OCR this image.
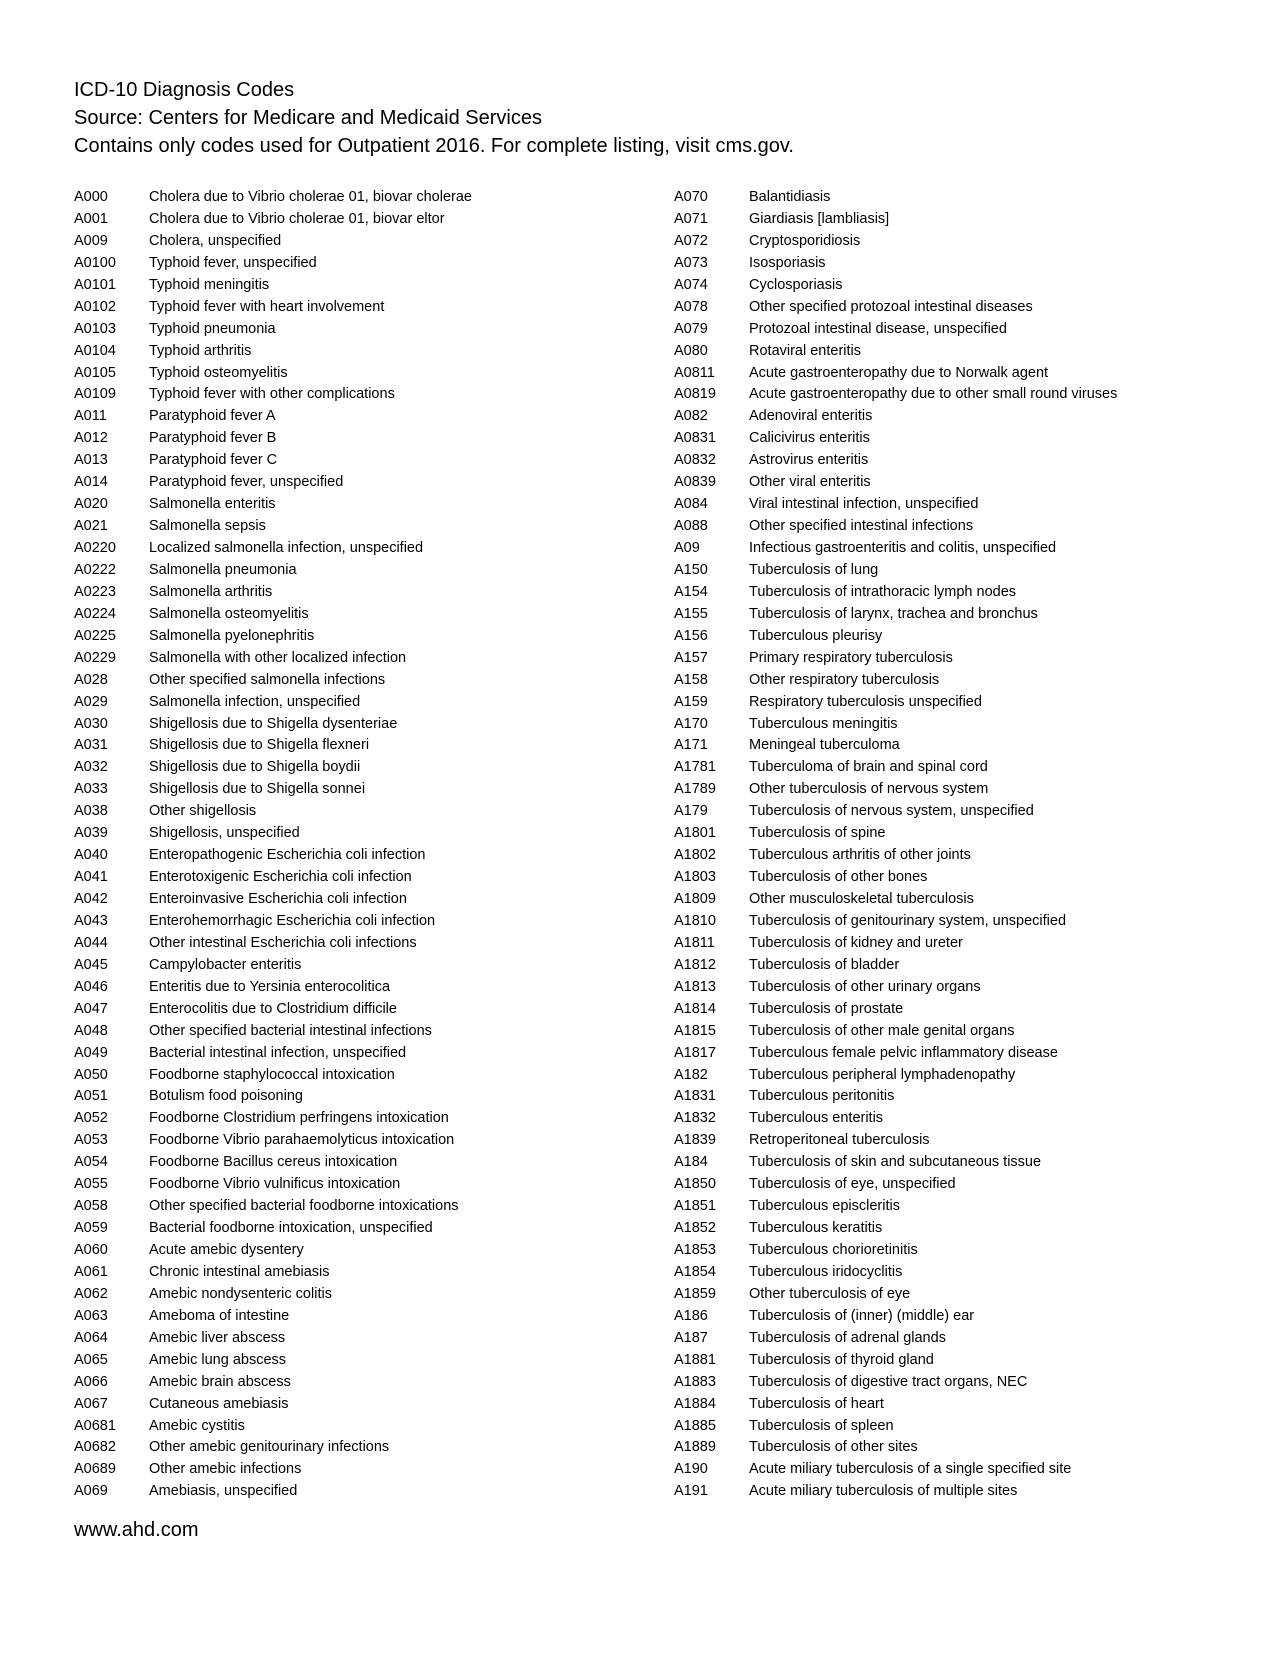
ICD-10 Diagnosis Codes
Source: Centers for Medicare and Medicaid Services
Contains only codes used for Outpatient 2016. For complete listing, visit cms.gov.
A000	Cholera due to Vibrio cholerae 01, biovar cholerae
A001	Cholera due to Vibrio cholerae 01, biovar eltor
A009	Cholera, unspecified
A0100 Typhoid fever, unspecified
A0101 Typhoid meningitis
A0102 Typhoid fever with heart involvement
A0103 Typhoid pneumonia
A0104 Typhoid arthritis
A0105 Typhoid osteomyelitis
A0109 Typhoid fever with other complications
A011	Paratyphoid fever A
A012	Paratyphoid fever B
A013	Paratyphoid fever C
A014	Paratyphoid fever, unspecified
A020	Salmonella enteritis
A021	Salmonella sepsis
A0220 Localized salmonella infection, unspecified
A0222 Salmonella pneumonia
A0223 Salmonella arthritis
A0224 Salmonella osteomyelitis
A0225 Salmonella pyelonephritis
A0229 Salmonella with other localized infection
A028	Other specified salmonella infections
A029	Salmonella infection, unspecified
A030	Shigellosis due to Shigella dysenteriae
A031	Shigellosis due to Shigella flexneri
A032	Shigellosis due to Shigella boydii
A033	Shigellosis due to Shigella sonnei
A038	Other shigellosis
A039	Shigellosis, unspecified
A040	Enteropathogenic Escherichia coli infection
A041	Enterotoxigenic Escherichia coli infection
A042	Enteroinvasive Escherichia coli infection
A043	Enterohemorrhagic Escherichia coli infection
A044	Other intestinal Escherichia coli infections
A045	Campylobacter enteritis
A046	Enteritis due to Yersinia enterocolitica
A047	Enterocolitis due to Clostridium difficile
A048	Other specified bacterial intestinal infections
A049	Bacterial intestinal infection, unspecified
A050	Foodborne staphylococcal intoxication
A051	Botulism food poisoning
A052	Foodborne Clostridium perfringens intoxication
A053	Foodborne Vibrio parahaemolyticus intoxication
A054	Foodborne Bacillus cereus intoxication
A055	Foodborne Vibrio vulnificus intoxication
A058	Other specified bacterial foodborne intoxications
A059	Bacterial foodborne intoxication, unspecified
A060	Acute amebic dysentery
A061	Chronic intestinal amebiasis
A062	Amebic nondysenteric colitis
A063	Ameboma of intestine
A064	Amebic liver abscess
A065	Amebic lung abscess
A066	Amebic brain abscess
A067	Cutaneous amebiasis
A0681 Amebic cystitis
A0682 Other amebic genitourinary infections
A0689 Other amebic infections
A069	Amebiasis, unspecified
A070	Balantidiasis
A071	Giardiasis [lambliasis]
A072	Cryptosporidiosis
A073	Isosporiasis
A074	Cyclosporiasis
A078	Other specified protozoal intestinal diseases
A079	Protozoal intestinal disease, unspecified
A080	Rotaviral enteritis
A0811 Acute gastroenteropathy due to Norwalk agent
A0819 Acute gastroenteropathy due to other small round viruses
A082	Adenoviral enteritis
A0831 Calicivirus enteritis
A0832 Astrovirus enteritis
A0839 Other viral enteritis
A084	Viral intestinal infection, unspecified
A088	Other specified intestinal infections
A09	Infectious gastroenteritis and colitis, unspecified
A150	Tuberculosis of lung
A154	Tuberculosis of intrathoracic lymph nodes
A155	Tuberculosis of larynx, trachea and bronchus
A156	Tuberculous pleurisy
A157	Primary respiratory tuberculosis
A158	Other respiratory tuberculosis
A159	Respiratory tuberculosis unspecified
A170	Tuberculous meningitis
A171	Meningeal tuberculoma
A1781 Tuberculoma of brain and spinal cord
A1789 Other tuberculosis of nervous system
A179	Tuberculosis of nervous system, unspecified
A1801 Tuberculosis of spine
A1802 Tuberculous arthritis of other joints
A1803 Tuberculosis of other bones
A1809 Other musculoskeletal tuberculosis
A1810 Tuberculosis of genitourinary system, unspecified
A1811 Tuberculosis of kidney and ureter
A1812 Tuberculosis of bladder
A1813 Tuberculosis of other urinary organs
A1814 Tuberculosis of prostate
A1815 Tuberculosis of other male genital organs
A1817 Tuberculous female pelvic inflammatory disease
A182	Tuberculous peripheral lymphadenopathy
A1831 Tuberculous peritonitis
A1832 Tuberculous enteritis
A1839 Retroperitoneal tuberculosis
A184	Tuberculosis of skin and subcutaneous tissue
A1850 Tuberculosis of eye, unspecified
A1851 Tuberculous episcleritis
A1852 Tuberculous keratitis
A1853 Tuberculous chorioretinitis
A1854 Tuberculous iridocyclitis
A1859 Other tuberculosis of eye
A186	Tuberculosis of (inner) (middle) ear
A187	Tuberculosis of adrenal glands
A1881 Tuberculosis of thyroid gland
A1883 Tuberculosis of digestive tract organs, NEC
A1884 Tuberculosis of heart
A1885 Tuberculosis of spleen
A1889 Tuberculosis of other sites
A190	Acute miliary tuberculosis of a single specified site
A191	Acute miliary tuberculosis of multiple sites
www.ahd.com
